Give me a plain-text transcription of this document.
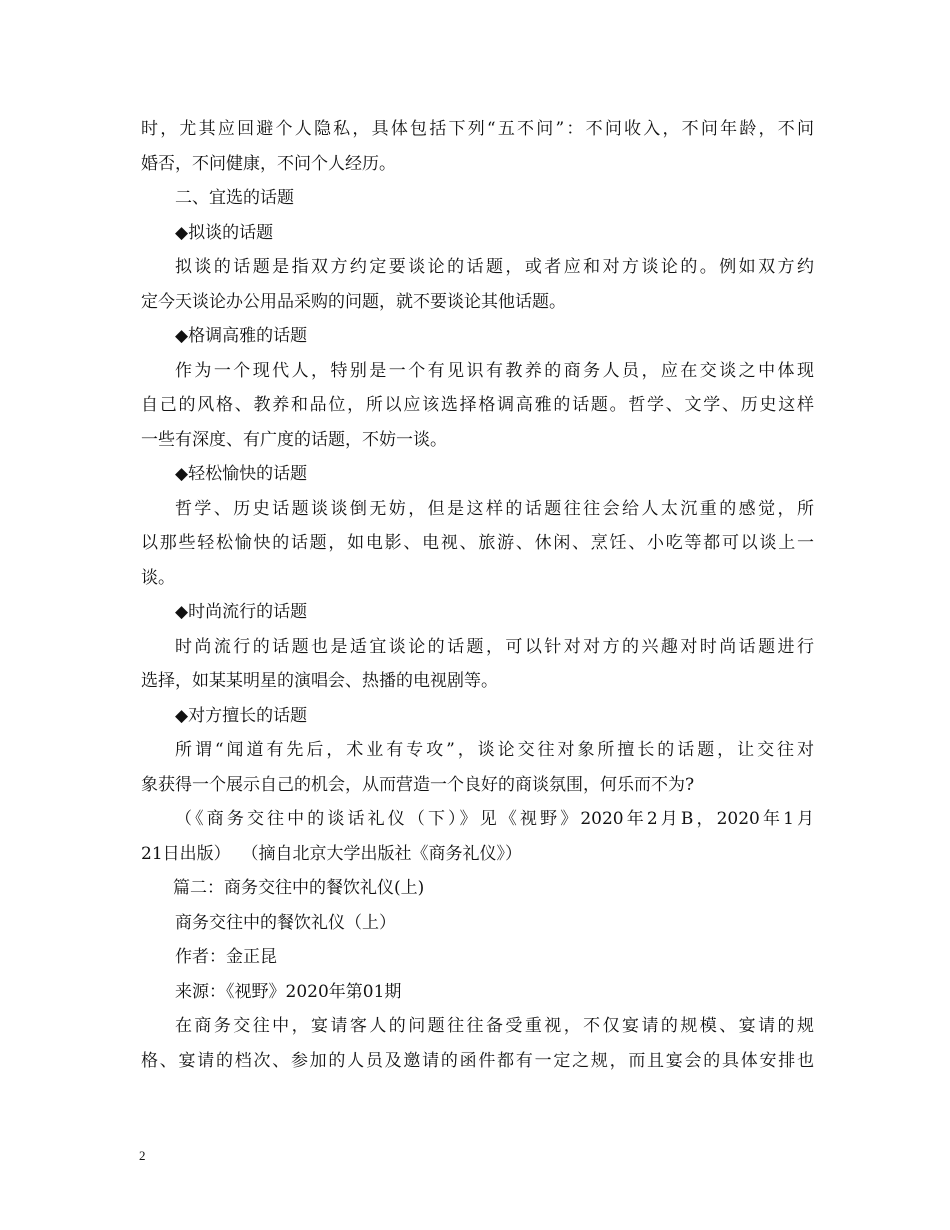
时，尤其应回避个人隐私，具体包括下列“五不问”：不问收入，不问年龄，不问
婚否，不问健康，不问个人经历。
二、宜选的话题
◆拟谈的话题
拟谈的话题是指双方约定要谈论的话题，或者应和对方谈论的。例如双方约
定今天谈论办公用品采购的问题，就不要谈论其他话题。
◆格调高雅的话题
作为一个现代人，特别是一个有见识有教养的商务人员，应在交谈之中体现
自己的风格、教养和品位，所以应该选择格调高雅的话题。哲学、文学、历史这样
一些有深度、有广度的话题，不妨一谈。
◆轻松愉快的话题
哲学、历史话题谈谈倒无妨，但是这样的话题往往会给人太沉重的感觉，所
以那些轻松愉快的话题，如电影、电视、旅游、休闲、烹饪、小吃等都可以谈上一
谈。
◆时尚流行的话题
时尚流行的话题也是适宜谈论的话题，可以针对对方的兴趣对时尚话题进行
选择，如某某明星的演唱会、热播的电视剧等。
◆对方擅长的话题
所谓“闻道有先后，术业有专攻”，谈论交往对象所擅长的话题，让交往对
象获得一个展示自己的机会，从而营造一个良好的商谈氛围，何乐而不为?
（《商务交往中的谈话礼仪（下）》见《视野》2020年2月B，2020年1月
21日出版）  （摘自北京大学出版社《商务礼仪》）
篇二：商务交往中的餐饮礼仪(上)
商务交往中的餐饮礼仪（上）
作者：金正昆
来源：《视野》2020年第01期
在商务交往中，宴请客人的问题往往备受重视，不仅宴请的规模、宴请的规
格、宴请的档次、参加的人员及邀请的函件都有一定之规，而且宴会的具体安排也
2
